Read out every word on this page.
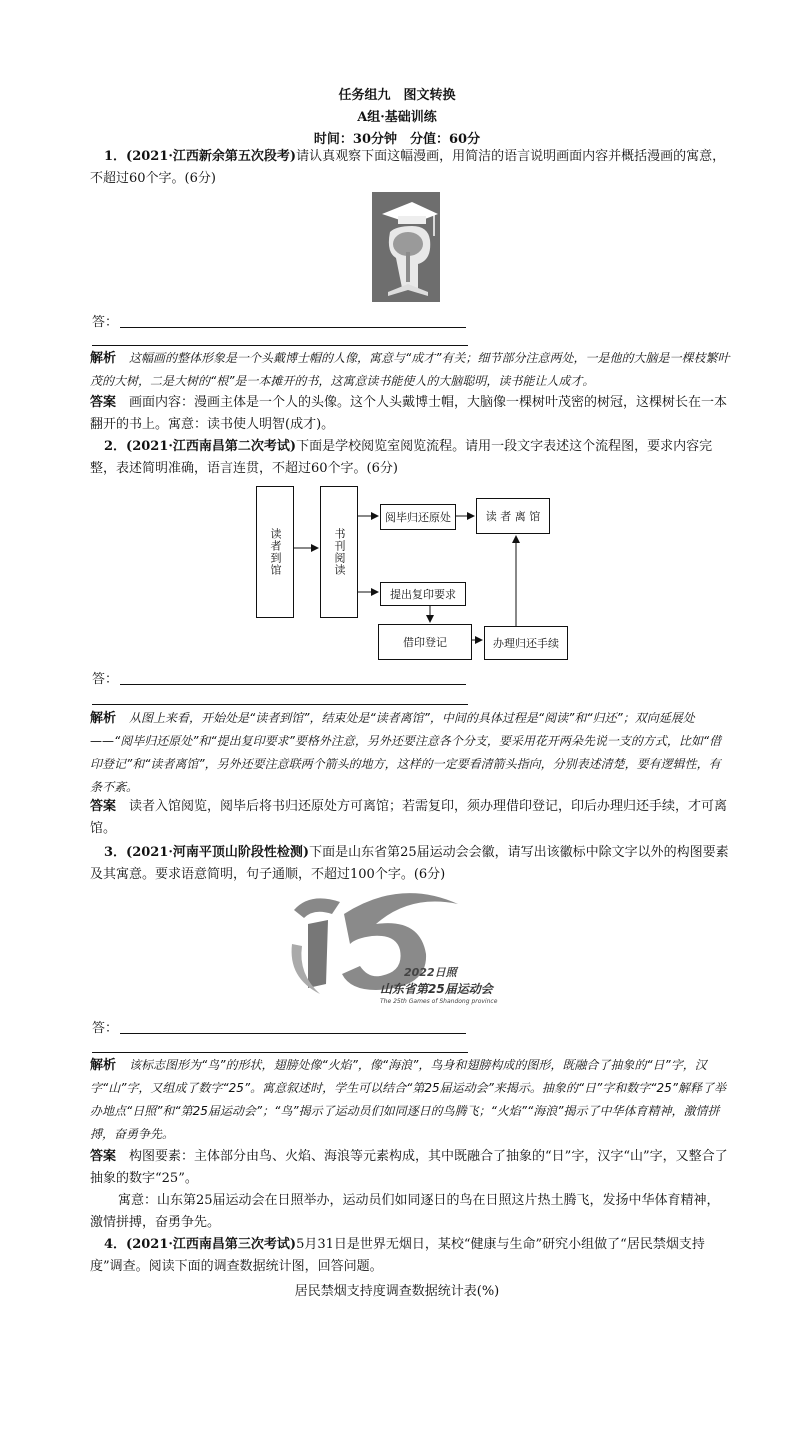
任务组九　图文转换
A组·基础训练
时间：30分钟　分值：60分
1．(2021·江西新余第五次段考)请认真观察下面这幅漫画，用简洁的语言说明画面内容并概括漫画的寓意，不超过60个字。(6分)
答：
解析　 这幅画的整体形象是一个头戴博士帽的人像，寓意与“成才”有关；细节部分注意两处，一是他的大脑是一棵枝繁叶茂的大树，二是大树的“根”是一本摊开的书，这寓意读书能使人的大脑聪明，读书能让人成才。
答案　 画面内容：漫画主体是一个人的头像。这个人头戴博士帽，大脑像一棵树叶茂密的树冠，这棵树长在一本翻开的书上。寓意：读书使人明智(成才)。
2．(2021·江西南昌第二次考试)下面是学校阅览室阅览流程。请用一段文字表述这个流程图，要求内容完整，表述简明准确，语言连贯，不超过60个字。(6分)
读者到馆	书刊阅读
阅毕归还原处	读 者 离 馆
提出复印要求
借印登记	办理归还手续
答：
解析　 从图上来看，开始处是“读者到馆”，结束处是“读者离馆”，中间的具体过程是“阅读”和“归还”；双向延展处——“阅毕归还原处”和“提出复印要求”要格外注意，另外还要注意各个分支，要采用花开两朵先说一支的方式，比如“借印登记”和“读者离馆”，另外还要注意联两个箭头的地方，这样的一定要看清箭头指向，分别表述清楚，要有逻辑性，有条不紊。
答案　 读者入馆阅览，阅毕后将书归还原处方可离馆；若需复印，须办理借印登记，印后办理归还手续，才可离馆。
3．(2021·河南平顶山阶段性检测)下面是山东省第25届运动会会徽，请写出该徽标中除文字以外的构图要素及其寓意。要求语意简明，句子通顺，不超过100个字。(6分)
2022日照
山东省第25届运动会
The 25th Games of Shandong province
答：
解析　 该标志图形为“鸟”的形状，翅膀处像“火焰”，像“海浪”，鸟身和翅膀构成的图形，既融合了抽象的“日”字，汉字“山”字，又组成了数字“25”。寓意叙述时，学生可以结合“第25届运动会”来揭示。抽象的“日”字和数字“25”解释了举办地点“日照”和“第25届运动会”；“鸟”揭示了运动员们如同逐日的鸟腾飞；“火焰”“海浪”揭示了中华体育精神，激情拼搏，奋勇争先。
答案　 构图要素：主体部分由鸟、火焰、海浪等元素构成，其中既融合了抽象的“日”字，汉字“山”字，又整合了抽象的数字“25”。
寓意：山东第25届运动会在日照举办，运动员们如同逐日的鸟在日照这片热土腾飞，发扬中华体育精神，激情拼搏，奋勇争先。
4．(2021·江西南昌第三次考试)5月31日是世界无烟日，某校“健康与生命”研究小组做了“居民禁烟支持度”调查。阅读下面的调查数据统计图，回答问题。
居民禁烟支持度调查数据统计表(%)
